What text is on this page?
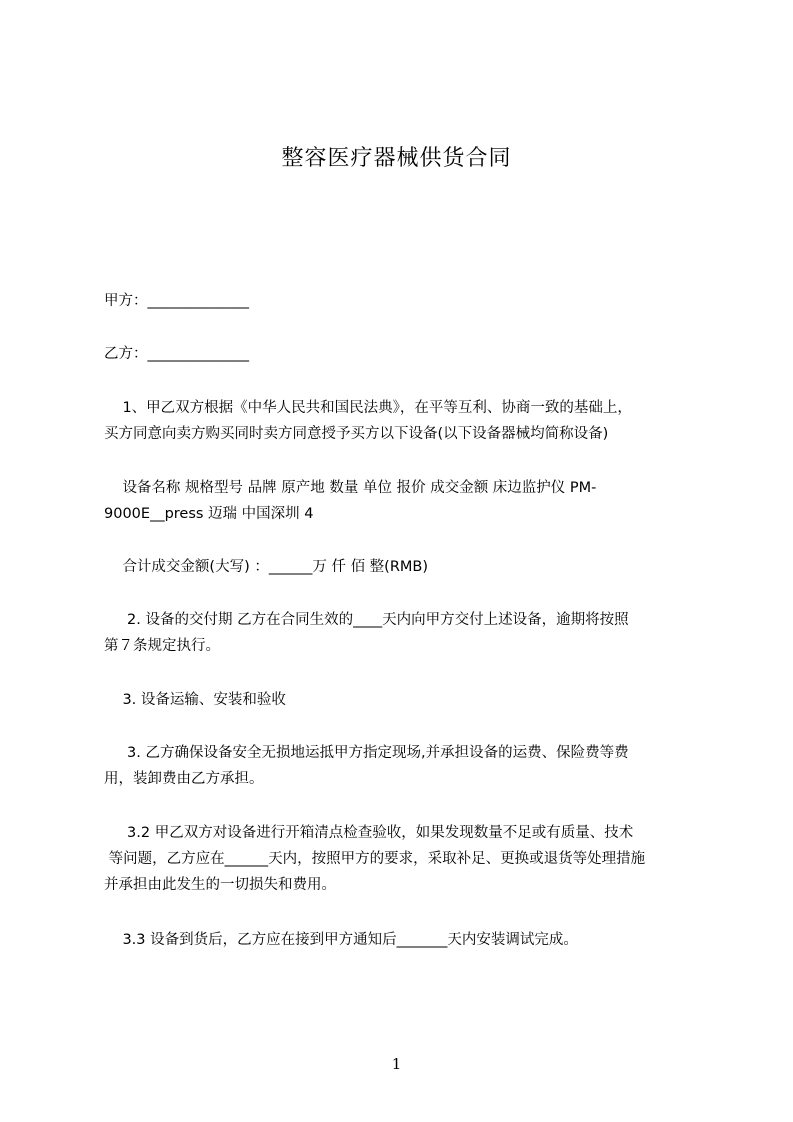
整容医疗器械供货合同

甲方：______________

乙方：______________

1、甲乙双方根据《中华人民共和国民法典》，在平等互利、协商一致的基础上，

买方同意向卖方购买同时卖方同意授予买方以下设备(以下设备器械均简称设备)

设备名称 规格型号 品牌 原产地 数量 单位 报价 成交金额 床边监护仪 PM-

9000E__press 迈瑞 中国深圳 4

合计成交金额(大写) ：______万 仟 佰 整(RMB)

2. 设备的交付期 乙方在合同生效的____天内向甲方交付上述设备，逾期将按照

第７条规定执行。

3. 设备运输、安装和验收

3. 乙方确保设备安全无损地运抵甲方指定现场,并承担设备的运费、保险费等费

用，装卸费由乙方承担。

3.2 甲乙双方对设备进行开箱清点检查验收，如果发现数量不足或有质量、技术

等问题，乙方应在______天内，按照甲方的要求，采取补足、更换或退货等处理措施

并承担由此发生的一切损失和费用。

3.3 设备到货后，乙方应在接到甲方通知后_______天内安装调试完成。

1
